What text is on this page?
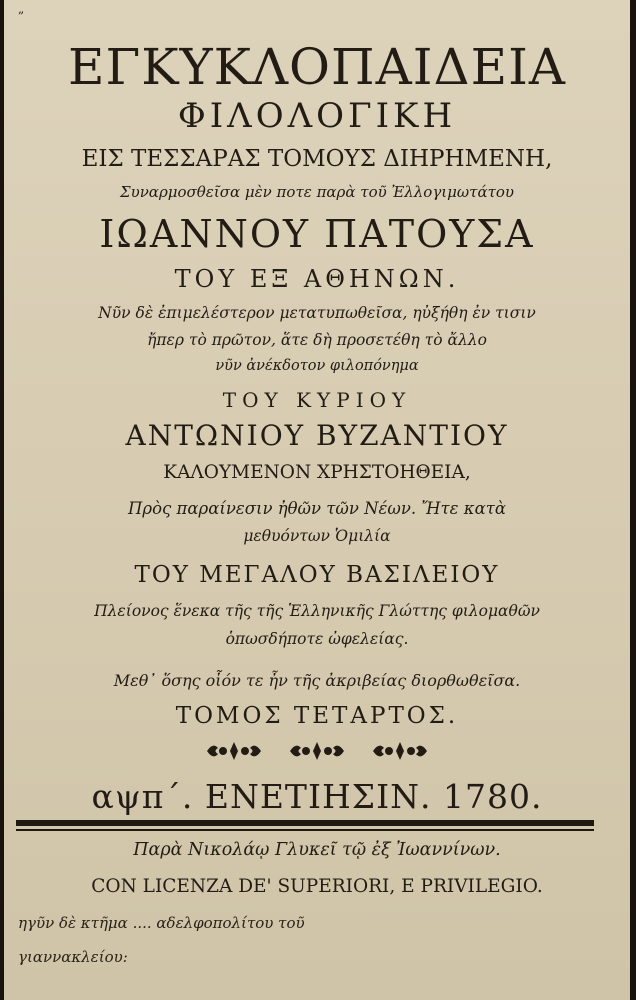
„
ΕΓΚΥΚΛΟΠΑΙΔΕΙΑ
ΦΙΛΟΛΟΓΙΚΗ
ΕΙΣ ΤΕΣΣΑΡΑΣ ΤΟΜΟΥΣ ΔΙΗΡΗΜΕΝΗ,
Συναρμοσθεῖσα μὲν ποτε παρὰ τοῦ Ἐλλογιμωτάτου
ΙΩΑΝΝΟΥ ΠΑΤΟΥΣΑ
ΤΟΥ ΕΞ ΑΘΗΝΩΝ.
Νῦν δὲ ἐπιμελέστερον μετατυπωθεῖσα, ηὐξήθη ἐν τισιν
ἤπερ τὸ πρῶτον, ἅτε δὴ προσετέθη τὸ ἄλλο
νῦν ἀνέκδοτον φιλοπόνημα
ΤΟΥ ΚΥΡΙΟΥ
ΑΝΤΩΝΙΟΥ ΒΥΖΑΝΤΙΟΥ
ΚΑΛΟΥΜΕΝΟΝ ΧΡΗΣΤΟΗΘΕΙΑ,
Πρὸς παραίνεσιν ἠθῶν τῶν Νέων. Ἤτε κατὰ
μεθυόντων Ὁμιλία
ΤΟΥ ΜΕΓΑΛΟΥ ΒΑΣΙΛΕΙΟΥ
Πλείονος ἕνεκα τῆς τῆς Ἑλληνικῆς Γλώττης φιλομαθῶν
ὁπωσδήποτε ὠφελείας.
Μεθ᾽ ὅσης οἷόν τε ἦν τῆς ἀκριβείας διορθωθεῖσα.
ΤΟΜΟΣ ΤΕΤΑΡΤΟΣ.

αψπ΄. ΕΝΕΤΙΗΣΙΝ. 1780.
Παρὰ Νικολάῳ Γλυκεῖ τῷ ἐξ Ἰωαννίνων.
CON LICENZA DE' SUPERIORI, E PRIVILEGIO.
ηγῦν δὲ κτῆμα .... αδελφοπολίτου τοῦ
γιαννακλείου:
